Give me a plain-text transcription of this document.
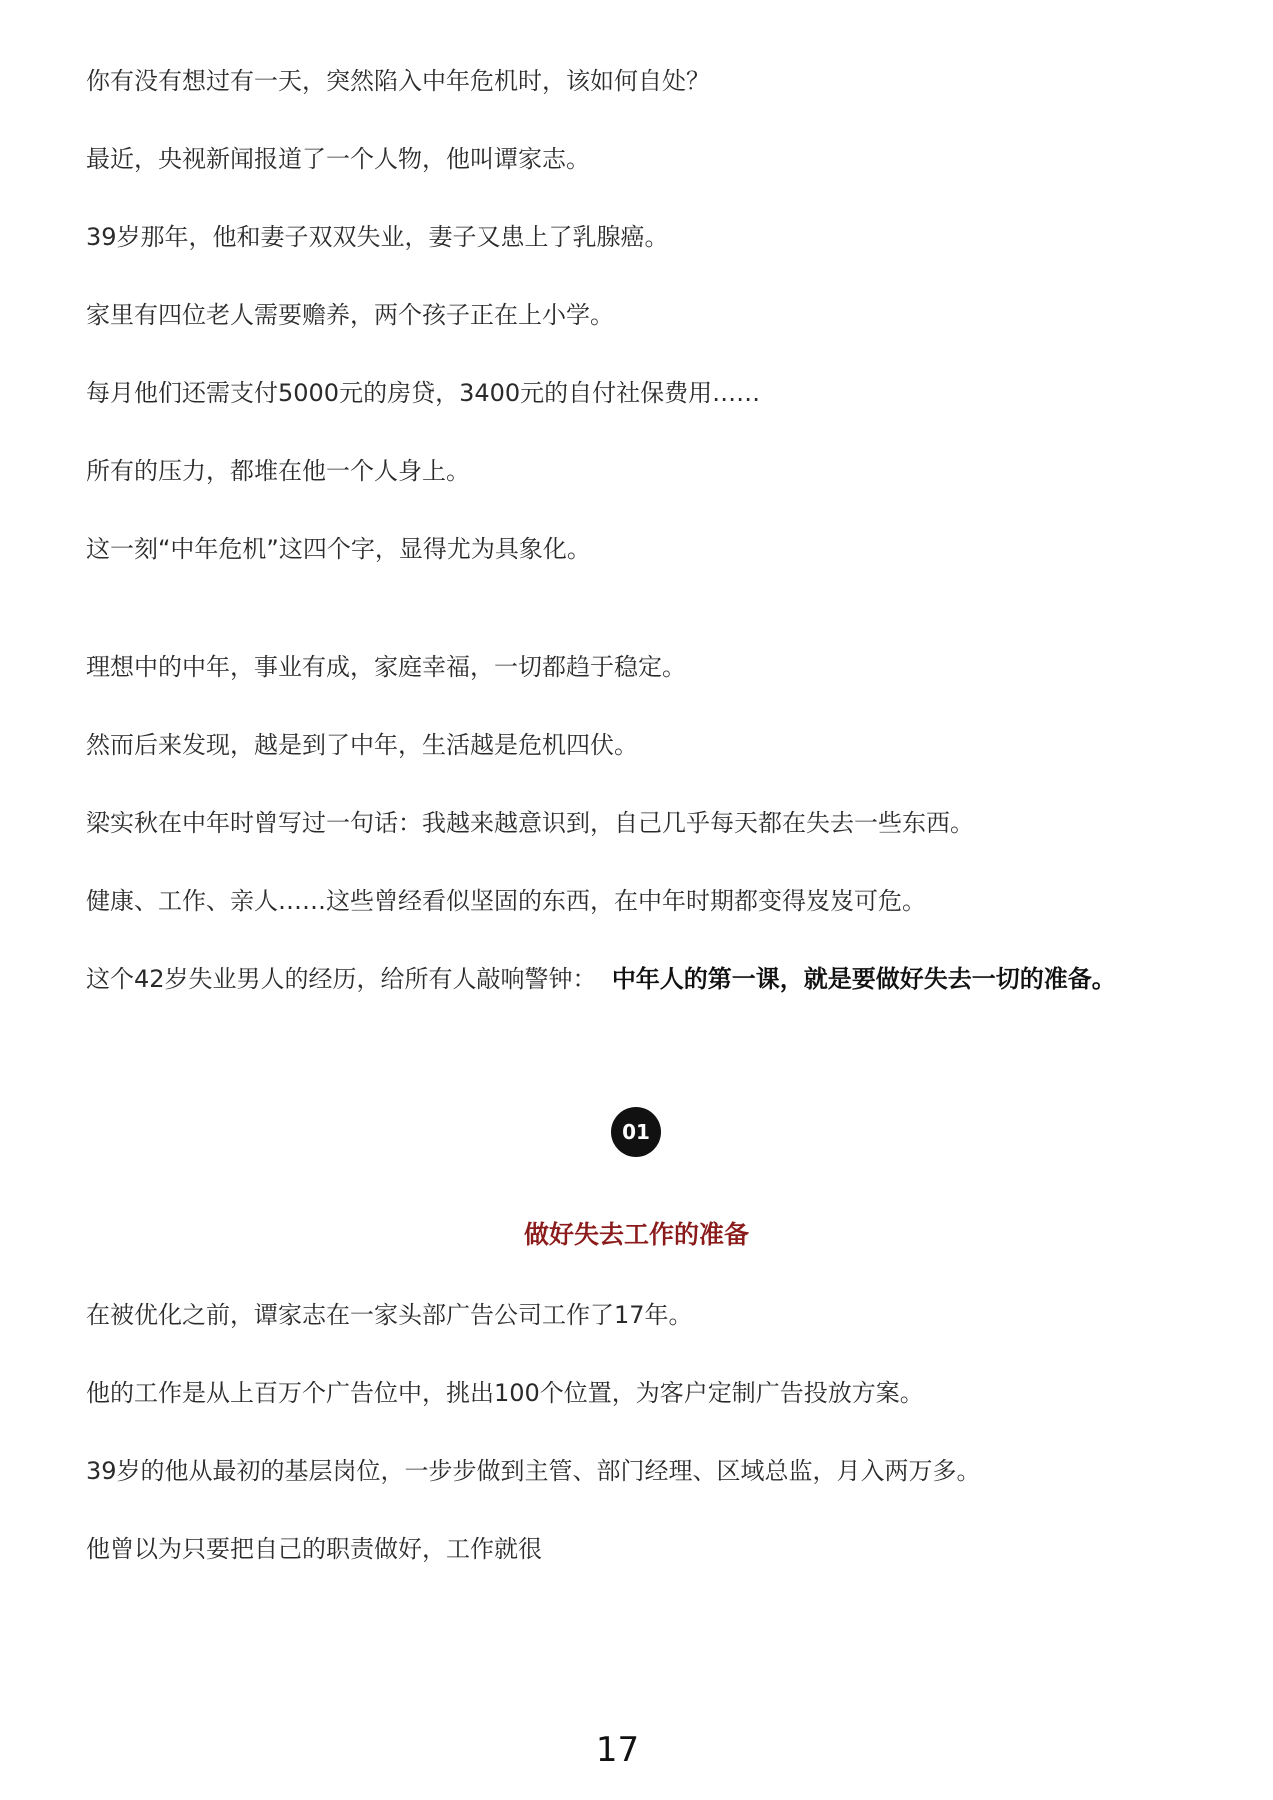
你有没有想过有一天，突然陷入中年危机时，该如何自处？

最近，央视新闻报道了一个人物，他叫谭家志。

39岁那年，他和妻子双双失业，妻子又患上了乳腺癌。

家里有四位老人需要赡养，两个孩子正在上小学。

每月他们还需支付5000元的房贷，3400元的自付社保费用……

所有的压力，都堆在他一个人身上。

这一刻“中年危机”这四个字，显得尤为具象化。

理想中的中年，事业有成，家庭幸福，一切都趋于稳定。

然而后来发现，越是到了中年，生活越是危机四伏。

梁实秋在中年时曾写过一句话：我越来越意识到，自己几乎每天都在失去一些东西。

健康、工作、亲人……这些曾经看似坚固的东西，在中年时期都变得岌岌可危。

这个42岁失业男人的经历，给所有人敲响警钟： 中年人的第一课，就是要做好失去一切的准备。

01
做好失去工作的准备

在被优化之前，谭家志在一家头部广告公司工作了17年。

他的工作是从上百万个广告位中，挑出100个位置，为客户定制广告投放方案。

39岁的他从最初的基层岗位，一步步做到主管、部门经理、区域总监，月入两万多。

他曾以为只要把自己的职责做好，工作就很

17
